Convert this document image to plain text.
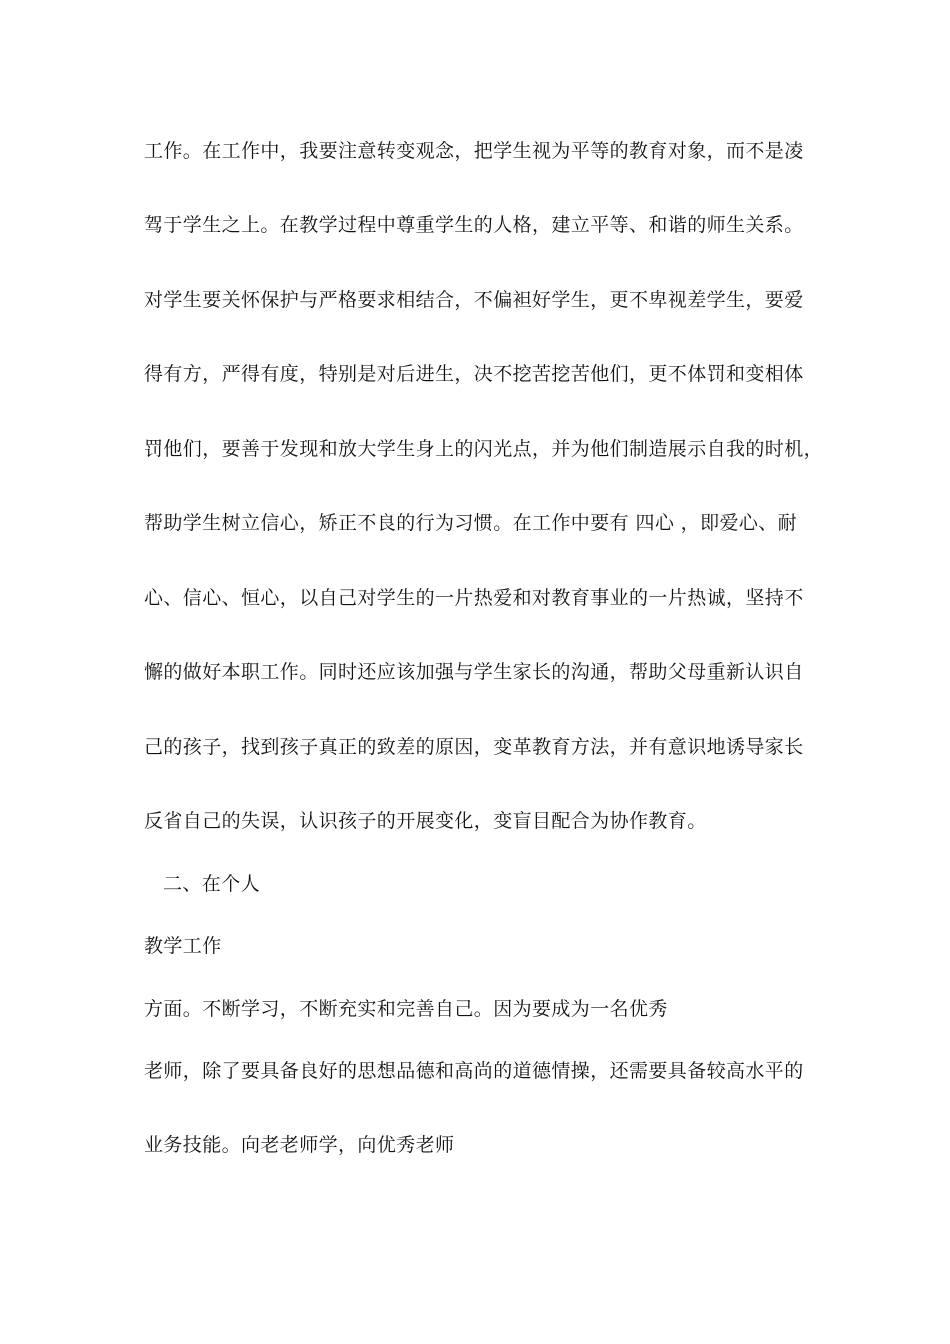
工作。在工作中，我要注意转变观念，把学生视为平等的教育对象，而不是凌
驾于学生之上。在教学过程中尊重学生的人格，建立平等、和谐的师生关系。
对学生要关怀保护与严格要求相结合，不偏袒好学生，更不卑视差学生，要爱
得有方，严得有度，特别是对后进生，决不挖苦挖苦他们，更不体罚和变相体
罚他们，要善于发现和放大学生身上的闪光点，并为他们制造展示自我的时机，
帮助学生树立信心，矫正不良的行为习惯。在工作中要有 四心 ，即爱心、耐
心、信心、恒心，以自己对学生的一片热爱和对教育事业的一片热诚，坚持不
懈的做好本职工作。同时还应该加强与学生家长的沟通，帮助父母重新认识自
己的孩子，找到孩子真正的致差的原因，变革教育方法，并有意识地诱导家长
反省自己的失误，认识孩子的开展变化，变盲目配合为协作教育。
二、在个人
教学工作
方面。不断学习，不断充实和完善自己。因为要成为一名优秀
老师，除了要具备良好的思想品德和高尚的道德情操，还需要具备较高水平的
业务技能。向老老师学，向优秀老师
